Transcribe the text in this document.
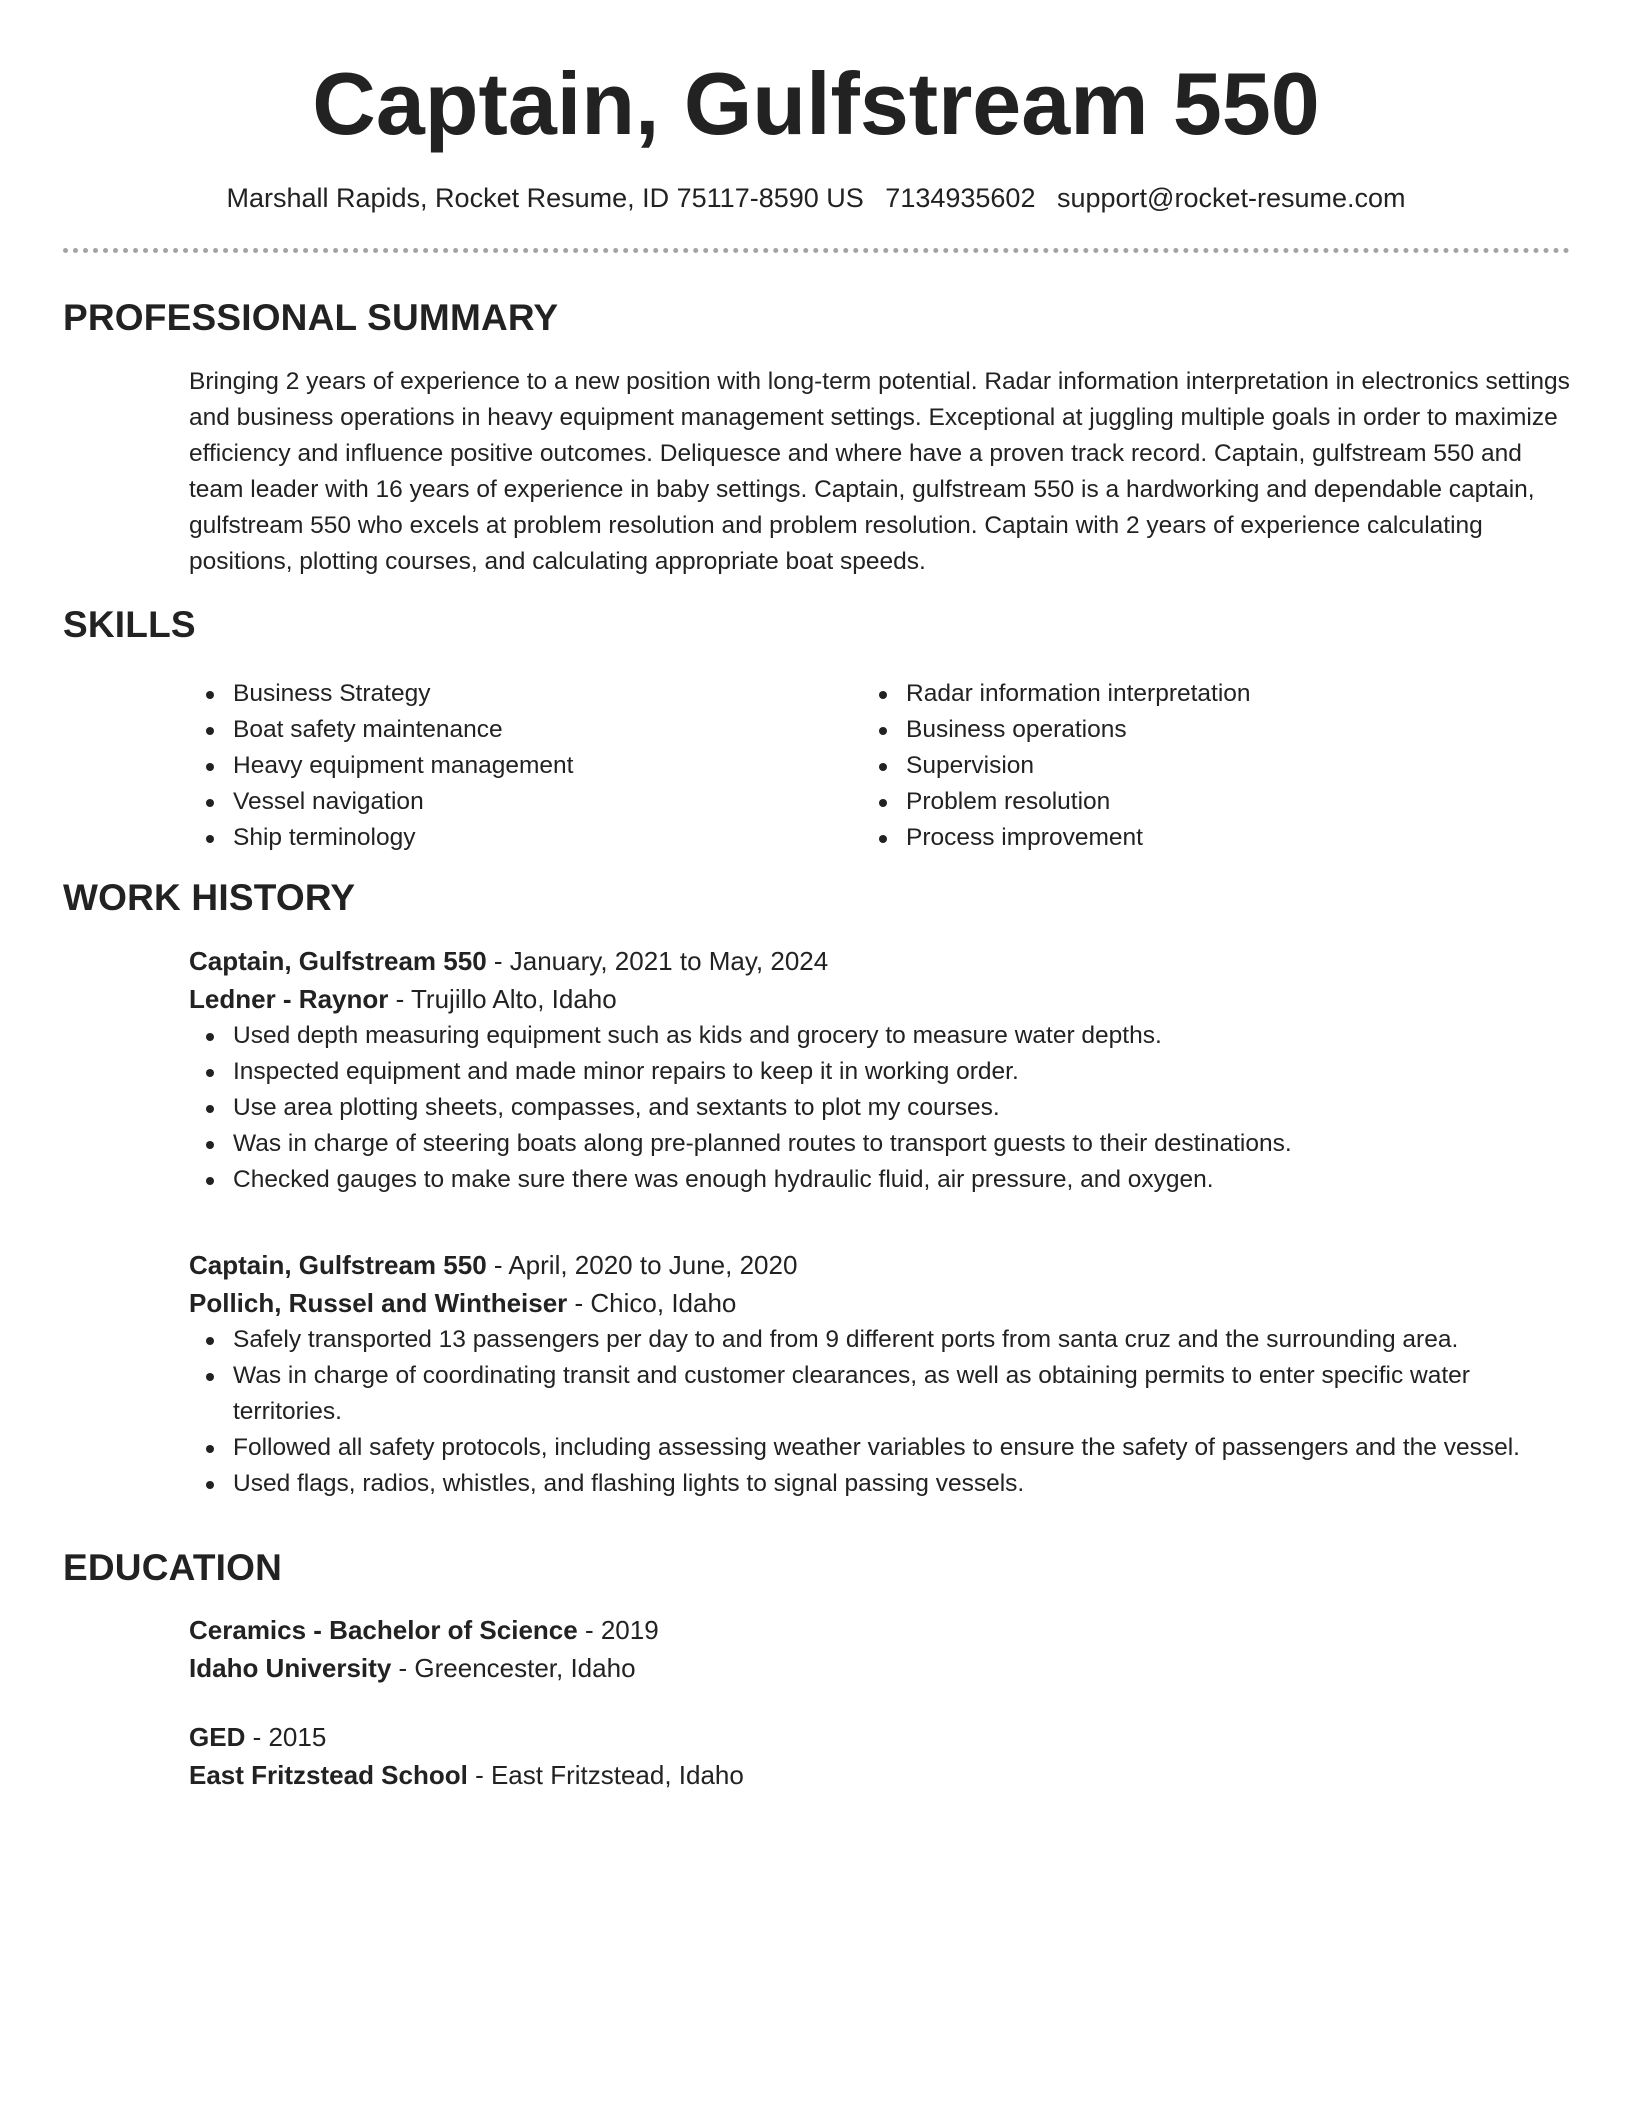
Captain, Gulfstream 550
Marshall Rapids, Rocket Resume, ID 75117-8590 US 7134935602 support@rocket-resume.com
PROFESSIONAL SUMMARY

Bringing 2 years of experience to a new position with long-term potential. Radar information interpretation in electronics settings and business operations in heavy equipment management settings. Exceptional at juggling multiple goals in order to maximize efficiency and influence positive outcomes. Deliquesce and where have a proven track record. Captain, gulfstream 550 and team leader with 16 years of experience in baby settings. Captain, gulfstream 550 is a hardworking and dependable captain, gulfstream 550 who excels at problem resolution and problem resolution. Captain with 2 years of experience calculating positions, plotting courses, and calculating appropriate boat speeds.

SKILLS
Business Strategy
Boat safety maintenance
Heavy equipment management
Vessel navigation
Ship terminology
Radar information interpretation
Business operations
Supervision
Problem resolution
Process improvement
WORK HISTORY
Captain, Gulfstream 550 - January, 2021 to May, 2024
Ledner - Raynor - Trujillo Alto, Idaho
Used depth measuring equipment such as kids and grocery to measure water depths.
Inspected equipment and made minor repairs to keep it in working order.
Use area plotting sheets, compasses, and sextants to plot my courses.
Was in charge of steering boats along pre-planned routes to transport guests to their destinations.
Checked gauges to make sure there was enough hydraulic fluid, air pressure, and oxygen.
Captain, Gulfstream 550 - April, 2020 to June, 2020
Pollich, Russel and Wintheiser - Chico, Idaho
Safely transported 13 passengers per day to and from 9 different ports from santa cruz and the surrounding area.
Was in charge of coordinating transit and customer clearances, as well as obtaining permits to enter specific water territories.
Followed all safety protocols, including assessing weather variables to ensure the safety of passengers and the vessel.
Used flags, radios, whistles, and flashing lights to signal passing vessels.
EDUCATION
Ceramics - Bachelor of Science - 2019
Idaho University - Greencester, Idaho
GED - 2015
East Fritzstead School - East Fritzstead, Idaho
